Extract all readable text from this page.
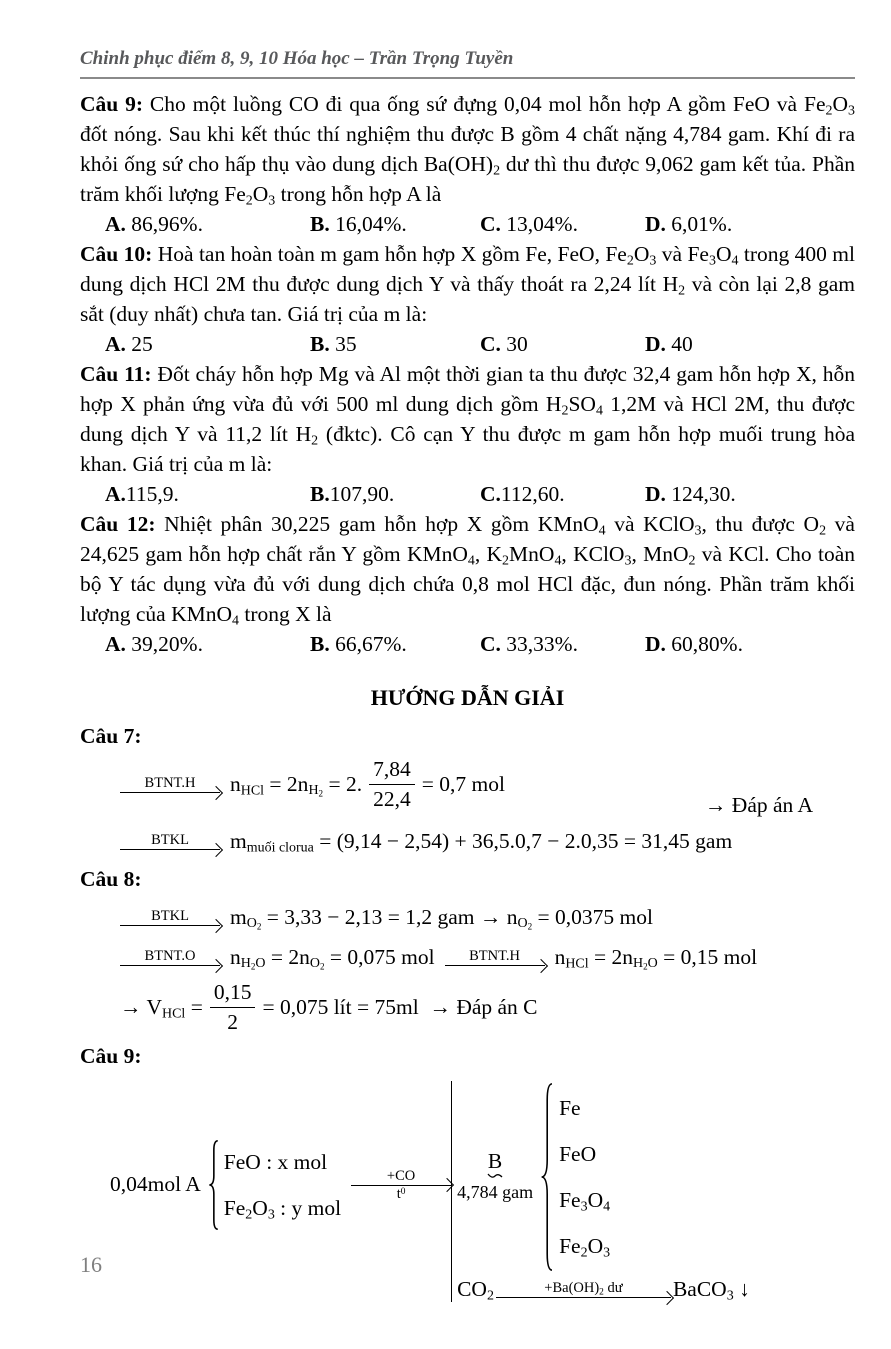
Chinh phục điểm 8, 9, 10 Hóa học – Trần Trọng Tuyền

Câu 9: Cho một luồng CO đi qua ống sứ đựng 0,04 mol hỗn hợp A gồm FeO và $Fe_2O_3$ đốt nóng. Sau khi kết thúc thí nghiệm thu được B gồm 4 chất nặng 4,784 gam. Khí đi ra khỏi ống sứ cho hấp thụ vào dung dịch $Ba(OH)_2$ dư thì thu được 9,062 gam kết tủa. Phần trăm khối lượng $Fe_2O_3$ trong hỗn hợp A là

A. 86,96%.	B. 16,04%.	C. 13,04%.	D. 6,01%.

Câu 10: Hoà tan hoàn toàn m gam hỗn hợp X gồm Fe, FeO, $Fe_2O_3$ và $Fe_3O_4$ trong 400 ml dung dịch HCl 2M thu được dung dịch Y và thấy thoát ra 2,24 lít $H_2$ và còn lại 2,8 gam sắt (duy nhất) chưa tan. Giá trị của m là:

A. 25	B. 35	C. 30	D. 40

Câu 11: Đốt cháy hỗn hợp Mg và Al một thời gian ta thu được 32,4 gam hỗn hợp X, hỗn hợp X phản ứng vừa đủ với 500 ml dung dịch gồm $H_2SO_4$ 1,2M và HCl 2M, thu được dung dịch Y và 11,2 lít $H_2$ (đktc). Cô cạn Y thu được m gam hỗn hợp muối trung hòa khan. Giá trị của m là:

A.115,9.	B.107,90.	C.112,60.	D. 124,30.

Câu 12: Nhiệt phân 30,225 gam hỗn hợp X gồm KMnO$_4$ và KClO$_3$, thu được $O_2$ và 24,625 gam hỗn hợp chất rắn Y gồm KMnO$_4$, $K_2MnO_4$, KClO$_3$, MnO$_2$ và KCl. Cho toàn bộ Y tác dụng vừa đủ với dung dịch chứa 0,8 mol HCl đặc, đun nóng. Phần trăm khối lượng của KMnO$_4$ trong X là

A. 39,20%.	B. 66,67%.	C. 33,33%.	D. 60,80%.
HƯỚNG DẪN GIẢI

Câu 7:

BTNT.H	$n_{HCl} = 2n_{H_2} = 2$. $\frac{7,84}{22,4} = 0,7$ mol
→ Đáp án A
BTKL	$m_{muối clorua} = (9,14 - 2,54) + 36,5.0,7 - 2.0,35 = 31,45$ gam

Câu 8:

BTKL	$m_{O_2} = 3,33 - 2,13 = 1,2$ gam → $n_{O_2} = 0,0375$ mol
BTNT.O	$n_{H_2O} = 2n_{O_2} = 0,075$ mol	BTNT.H	$n_{HCl} = 2n_{H_2O} = 0,15$ mol
→ $V_{HCl} = \frac{0,15}{2} = 0,075$ lít = 75ml  → Đáp án C

Câu 9:

0,04mol A
FeO : x mol
$Fe_2O_3$ : y mol
+CO
$t^0$
B
4,784 gam
Fe
FeO
$Fe_3O_4$
$Fe_2O_3$
$CO_2$	$+Ba(OH)_2$ dư	BaCO$_3$ ↓
16
